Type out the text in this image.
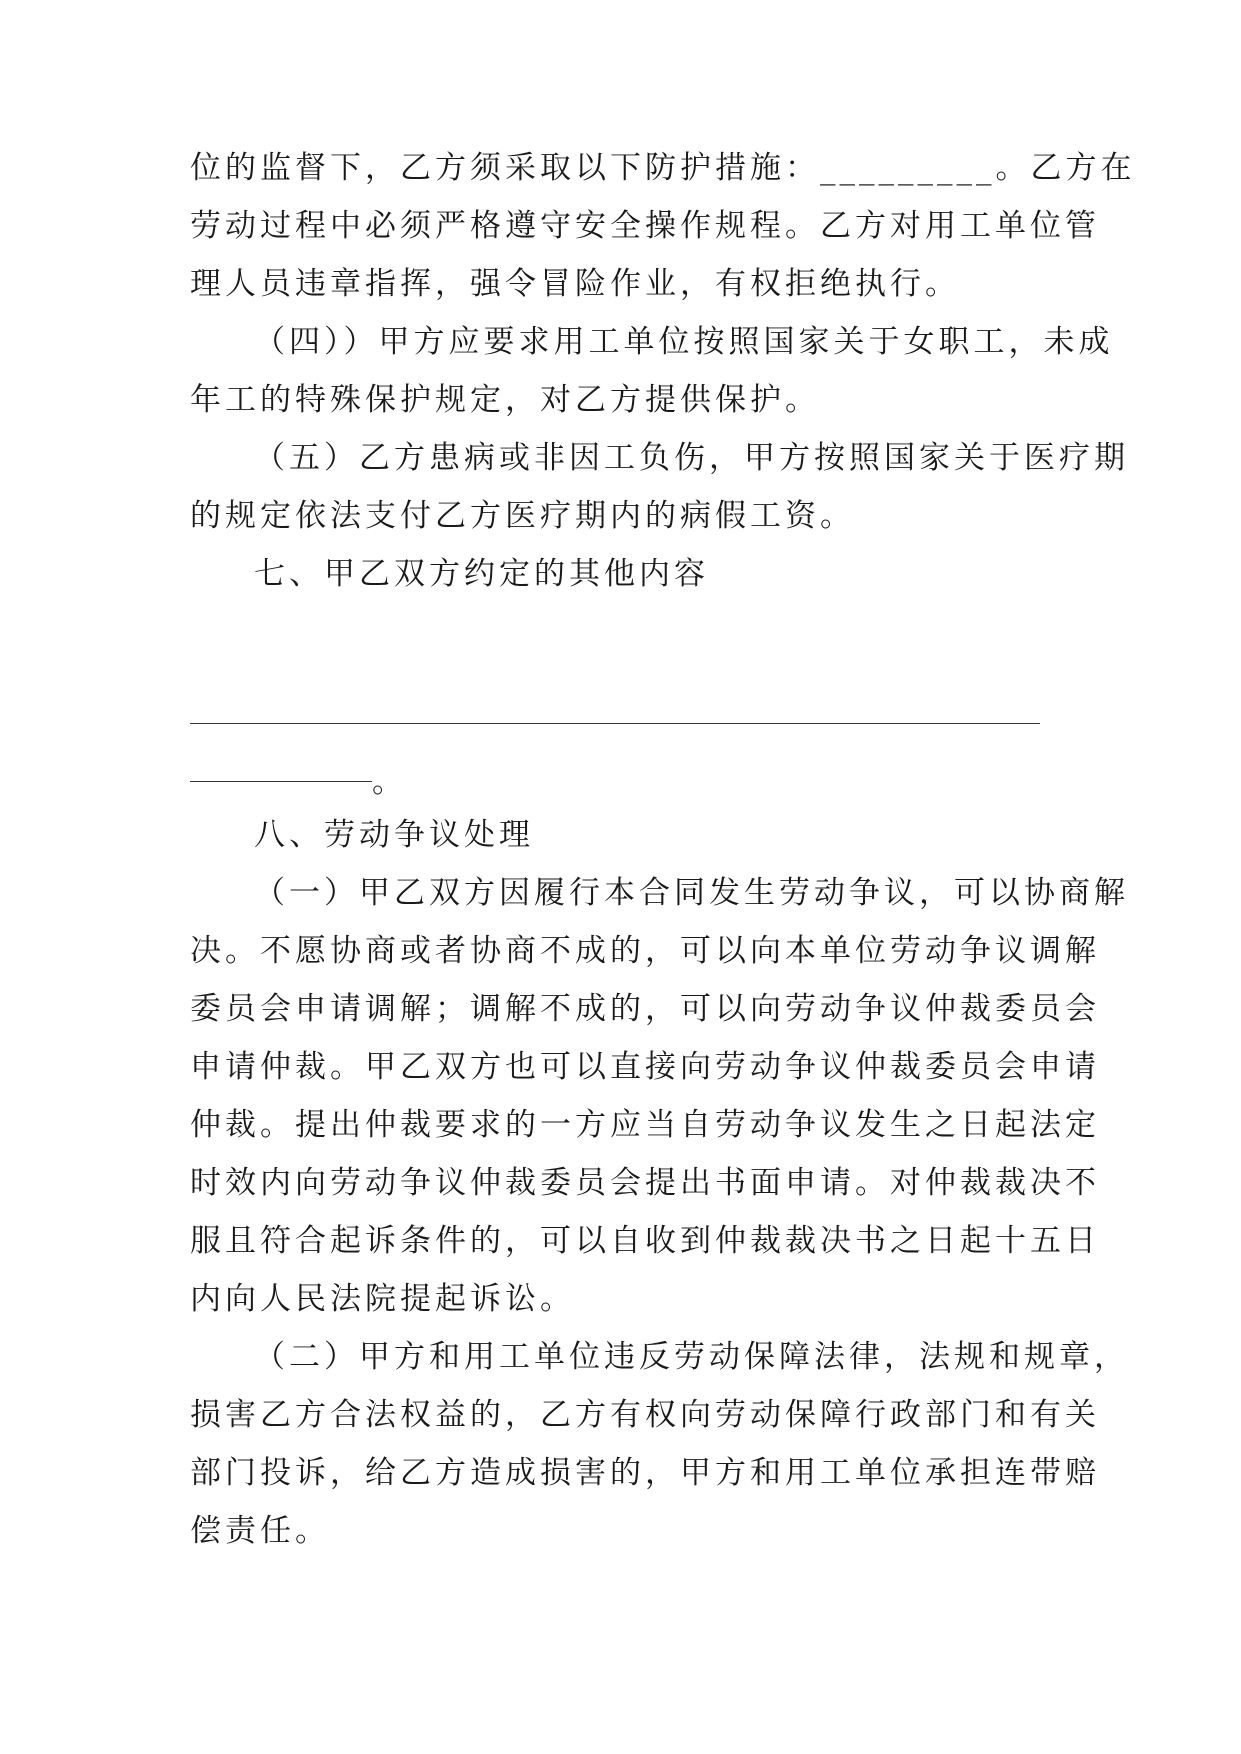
位的监督下，乙方须采取以下防护措施：_________。乙方在
劳动过程中必须严格遵守安全操作规程。乙方对用工单位管
理人员违章指挥，强令冒险作业，有权拒绝执行。
（四））甲方应要求用工单位按照国家关于女职工，未成
年工的特殊保护规定，对乙方提供保护。
（五）乙方患病或非因工负伤，甲方按照国家关于医疗期
的规定依法支付乙方医疗期内的病假工资。
七、甲乙双方约定的其他内容
。
八、劳动争议处理
（一）甲乙双方因履行本合同发生劳动争议，可以协商解
决。不愿协商或者协商不成的，可以向本单位劳动争议调解
委员会申请调解；调解不成的，可以向劳动争议仲裁委员会
申请仲裁。甲乙双方也可以直接向劳动争议仲裁委员会申请
仲裁。提出仲裁要求的一方应当自劳动争议发生之日起法定
时效内向劳动争议仲裁委员会提出书面申请。对仲裁裁决不
服且符合起诉条件的，可以自收到仲裁裁决书之日起十五日
内向人民法院提起诉讼。
（二）甲方和用工单位违反劳动保障法律，法规和规章，
损害乙方合法权益的，乙方有权向劳动保障行政部门和有关
部门投诉，给乙方造成损害的，甲方和用工单位承担连带赔
偿责任。
